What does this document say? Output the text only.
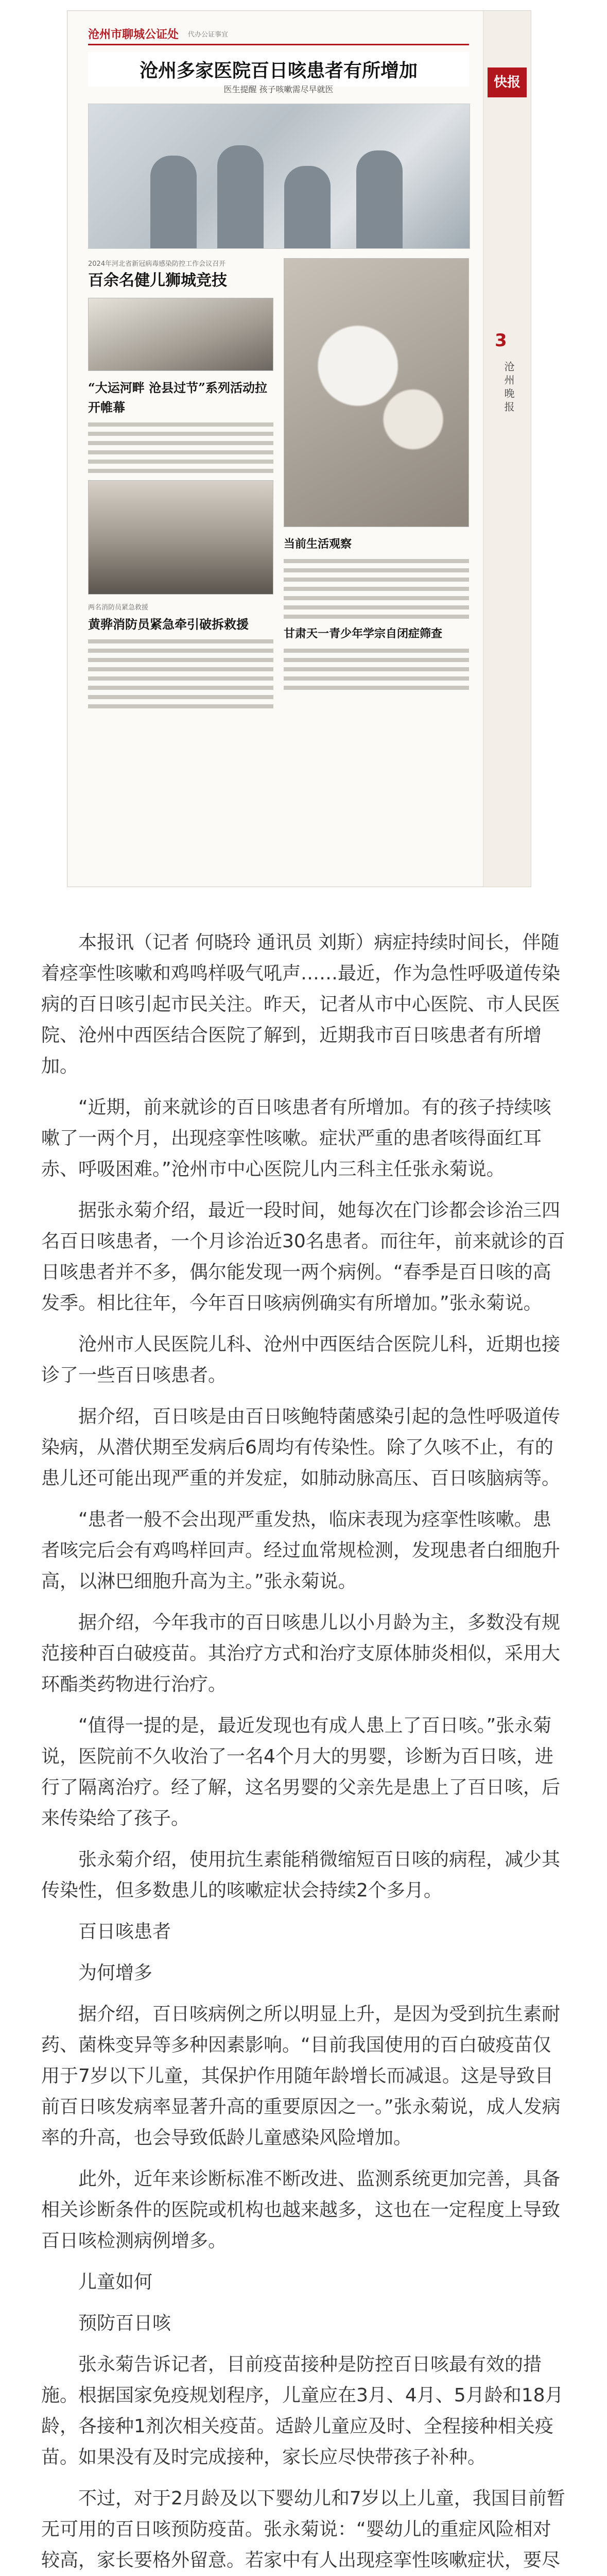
沧州市聊城公证处 代办公证事宜
快报
3
沧州晚报
沧州多家医院百日咳患者有所增加
医生提醒 孩子咳嗽需尽早就医
2024年河北省新冠病毒感染防控工作会议召开
百余名健儿狮城竞技
“大运河畔 沧县过节”系列活动拉开帷幕
两名消防员紧急救援
黄骅消防员紧急牵引破拆救援
当前生活观察
甘肃天一青少年学宗自闭症筛查

本报讯（记者 何晓玲 通讯员 刘斯）病症持续时间长，伴随着痉挛性咳嗽和鸡鸣样吸气吼声……最近，作为急性呼吸道传染病的百日咳引起市民关注。昨天，记者从市中心医院、市人民医院、沧州中西医结合医院了解到，近期我市百日咳患者有所增加。

“近期，前来就诊的百日咳患者有所增加。有的孩子持续咳嗽了一两个月，出现痉挛性咳嗽。症状严重的患者咳得面红耳赤、呼吸困难。”沧州市中心医院儿内三科主任张永菊说。

据张永菊介绍，最近一段时间，她每次在门诊都会诊治三四名百日咳患者，一个月诊治近30名患者。而往年，前来就诊的百日咳患者并不多，偶尔能发现一两个病例。“春季是百日咳的高发季。相比往年，今年百日咳病例确实有所增加。”张永菊说。

沧州市人民医院儿科、沧州中西医结合医院儿科，近期也接诊了一些百日咳患者。

据介绍，百日咳是由百日咳鲍特菌感染引起的急性呼吸道传染病，从潜伏期至发病后6周均有传染性。除了久咳不止，有的患儿还可能出现严重的并发症，如肺动脉高压、百日咳脑病等。

“患者一般不会出现严重发热，临床表现为痉挛性咳嗽。患者咳完后会有鸡鸣样回声。经过血常规检测，发现患者白细胞升高，以淋巴细胞升高为主。”张永菊说。

据介绍，今年我市的百日咳患儿以小月龄为主，多数没有规范接种百白破疫苗。其治疗方式和治疗支原体肺炎相似，采用大环酯类药物进行治疗。

“值得一提的是，最近发现也有成人患上了百日咳。”张永菊说，医院前不久收治了一名4个月大的男婴，诊断为百日咳，进行了隔离治疗。经了解，这名男婴的父亲先是患上了百日咳，后来传染给了孩子。

张永菊介绍，使用抗生素能稍微缩短百日咳的病程，减少其传染性，但多数患儿的咳嗽症状会持续2个多月。

百日咳患者
为何增多

据介绍，百日咳病例之所以明显上升，是因为受到抗生素耐药、菌株变异等多种因素影响。“目前我国使用的百白破疫苗仅用于7岁以下儿童，其保护作用随年龄增长而减退。这是导致目前百日咳发病率显著升高的重要原因之一。”张永菊说，成人发病率的升高，也会导致低龄儿童感染风险增加。

此外，近年来诊断标准不断改进、监测系统更加完善，具备相关诊断条件的医院或机构也越来越多，这也在一定程度上导致百日咳检测病例增多。

儿童如何
预防百日咳

张永菊告诉记者，目前疫苗接种是防控百日咳最有效的措施。根据国家免疫规划程序，儿童应在3月、4月、5月龄和18月龄，各接种1剂次相关疫苗。适龄儿童应及时、全程接种相关疫苗。如果没有及时完成接种，家长应尽快带孩子补种。

不过，对于2月龄及以下婴幼儿和7岁以上儿童，我国目前暂无可用的百日咳预防疫苗。张永菊说：“婴幼儿的重症风险相对较高，家长要格外留意。若家中有人出现痉挛性咳嗽症状，要尽
